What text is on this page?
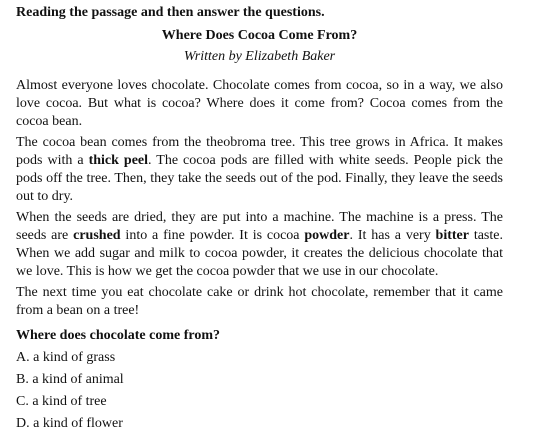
Reading the passage and then answer the questions.

Where Does Cocoa Come From?

Written by Elizabeth Baker

Almost everyone loves chocolate. Chocolate comes from cocoa, so in a way, we also love cocoa. But what is cocoa? Where does it come from? Cocoa comes from the cocoa bean.

The cocoa bean comes from the theobroma tree. This tree grows in Africa. It makes pods with a thick peel. The cocoa pods are filled with white seeds. People pick the pods off the tree. Then, they take the seeds out of the pod. Finally, they leave the seeds out to dry.

When the seeds are dried, they are put into a machine. The machine is a press. The seeds are crushed into a fine powder. It is cocoa powder. It has a very bitter taste. When we add sugar and milk to cocoa powder, it creates the delicious chocolate that we love. This is how we get the cocoa powder that we use in our chocolate.

The next time you eat chocolate cake or drink hot chocolate, remember that it came from a bean on a tree!

Where does chocolate come from?

A. a kind of grass
B. a kind of animal
C. a kind of tree
D. a kind of flower
